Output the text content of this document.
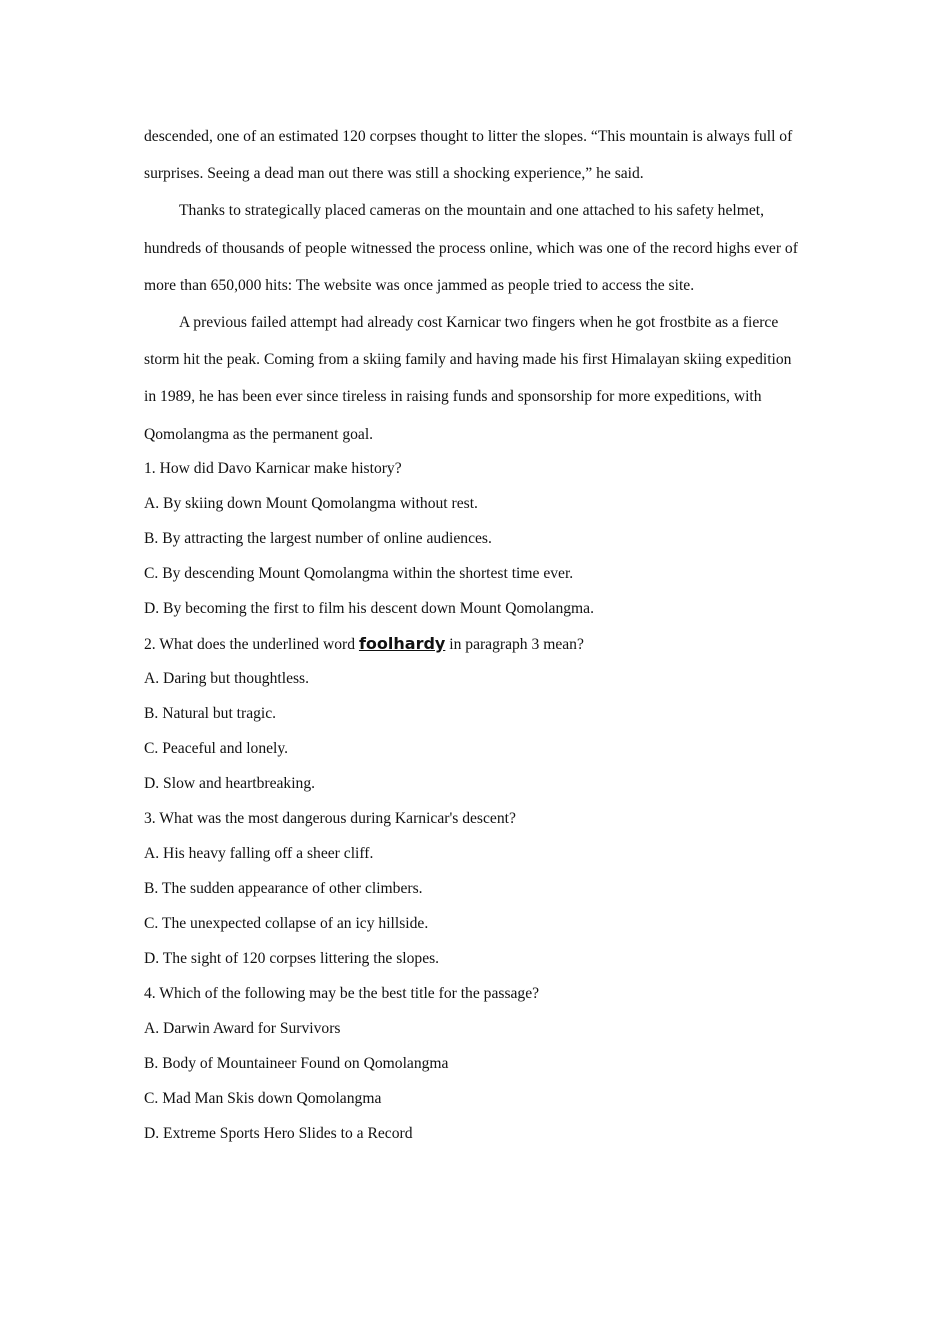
descended, one of an estimated 120 corpses thought to litter the slopes. “This mountain is always full of surprises. Seeing a dead man out there was still a shocking experience,” he said.

Thanks to strategically placed cameras on the mountain and one attached to his safety helmet, hundreds of thousands of people witnessed the process online, which was one of the record highs ever of more than 650,000 hits: The website was once jammed as people tried to access the site.

A previous failed attempt had already cost Karnicar two fingers when he got frostbite as a fierce storm hit the peak. Coming from a skiing family and having made his first Himalayan skiing expedition in 1989, he has been ever since tireless in raising funds and sponsorship for more expeditions, with Qomolangma as the permanent goal.

1. How did Davo Karnicar make history?

A. By skiing down Mount Qomolangma without rest.

B. By attracting the largest number of online audiences.

C. By descending Mount Qomolangma within the shortest time ever.

D. By becoming the first to film his descent down Mount Qomolangma.

2. What does the underlined word foolhardy in paragraph 3 mean?

A. Daring but thoughtless.

B. Natural but tragic.

C. Peaceful and lonely.

D. Slow and heartbreaking.

3. What was the most dangerous during Karnicar's descent?

A. His heavy falling off a sheer cliff.

B. The sudden appearance of other climbers.

C. The unexpected collapse of an icy hillside.

D. The sight of 120 corpses littering the slopes.

4. Which of the following may be the best title for the passage?

A. Darwin Award for Survivors

B. Body of Mountaineer Found on Qomolangma

C. Mad Man Skis down Qomolangma

D. Extreme Sports Hero Slides to a Record
